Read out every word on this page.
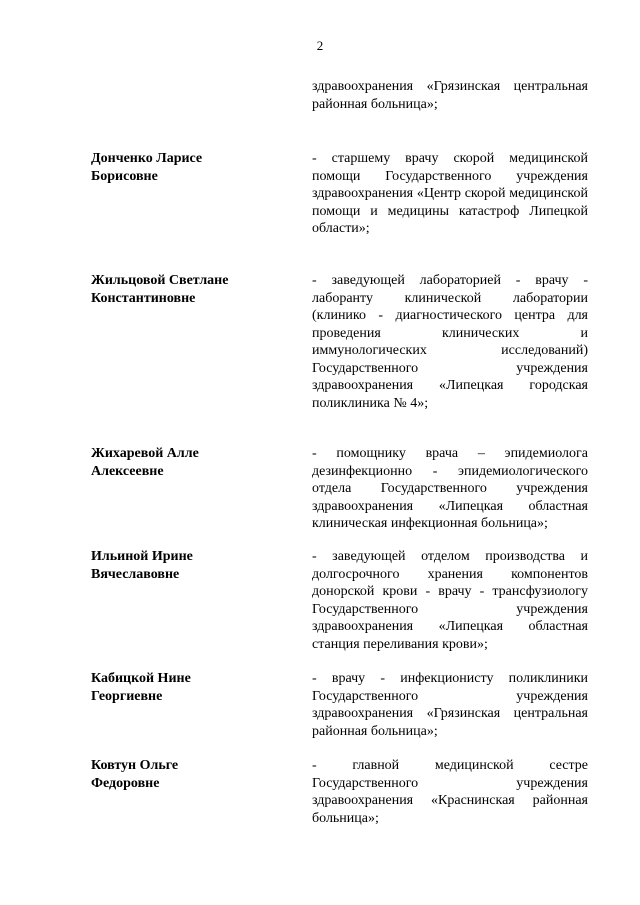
2
здравоохранения «Грязинская центральная районная больница»;
Донченко Ларисе
Борисовне
- старшему врачу скорой медицинской помощи Государственного учреждения здравоохранения «Центр скорой медицинской помощи и медицины катастроф Липецкой области»;
Жильцовой Светлане
Константиновне
- заведующей лабораторией - врачу - лаборанту клинической лаборатории (клинико - диагностического центра для проведения клинических и иммунологических исследований) Государственного учреждения здравоохранения «Липецкая городская поликлиника № 4»;
Жихаревой Алле
Алексеевне
- помощнику врача – эпидемиолога дезинфекционно - эпидемиологического отдела Государственного учреждения здравоохранения «Липецкая областная клиническая инфекционная больница»;
Ильиной Ирине
Вячеславовне
- заведующей отделом производства и долгосрочного хранения компонентов донорской крови - врачу - трансфузиологу Государственного учреждения здравоохранения «Липецкая областная станция переливания крови»;
Кабицкой Нине
Георгиевне
- врачу - инфекционисту поликлиники Государственного учреждения здравоохранения «Грязинская центральная районная больница»;
Ковтун Ольге
Федоровне
- главной медицинской сестре Государственного учреждения здравоохранения «Краснинская районная больница»;
